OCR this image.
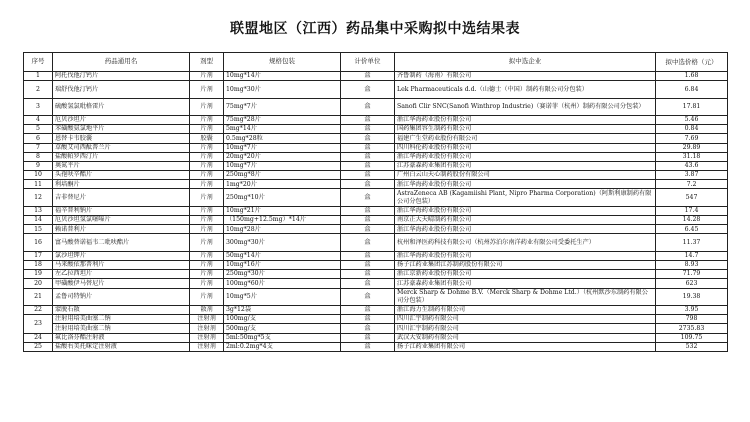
联盟地区（江西）药品集中采购拟中选结果表
序号	药品通用名	剂型	规格包装	计价单位	拟中选企业	拟中选价格（元）
1	阿托伐他汀钙片	片剂	10mg*14片	盒	齐鲁制药（海南）有限公司	1.68
2	瑞舒伐他汀钙片	片剂	10mg*30片	盒	Lek Pharmaceuticals d.d.（山德士（中国）制药有限公司分包装）	6.84
3	硫酸氢氯吡格雷片	片剂	75mg*7片	盒	Sanofi Clir SNC(Sanofi Winthrop Industrie)（赛诺菲（杭州）制药有限公司分包装）	17.81
4	厄贝沙坦片	片剂	75mg*28片	盒	浙江华海药业股份有限公司	5.46
5	苯磺酸氨氯地平片	片剂	5mg*14片	盒	国药集团容生制药有限公司	0.84
6	恩替卡韦胶囊	胶囊	0.5mg*28粒	盒	福建广生堂药业股份有限公司	7.69
7	草酸艾司西酞普兰片	片剂	10mg*7片	盒	四川科伦药业股份有限公司	29.89
8	盐酸帕罗西汀片	片剂	20mg*20片	盒	浙江华海药业股份有限公司	31.18
9	奥氮平片	片剂	10mg*7片	盒	江苏豪森药业集团有限公司	43.6
10	头孢呋辛酯片	片剂	250mg*8片	盒	广州白云山天心制药股份有限公司	3.87
11	利培酮片	片剂	1mg*20片	盒	浙江华海药业股份有限公司	7.2
12	吉非替尼片	片剂	250mg*10片	盒	AstraZeneca AB (Kagamiishi Plant, Nipro Pharma Corporation)（阿斯利康制药有限公司分包装）	547
13	福辛普利钠片	片剂	10mg*21片	盒	浙江华海药业股份有限公司	17.4
14	厄贝沙坦氢氯噻嗪片	片剂	（150mg+12.5mg）*14片	盒	南京正大天晴制药有限公司	14.28
15	赖诺普利片	片剂	10mg*28片	盒	浙江华海药业股份有限公司	6.45
16	富马酸替诺福韦二吡呋酯片	片剂	300mg*30片	盒	杭州和泽医药科技有限公司（杭州苏泊尔南洋药业有限公司受委托生产）	11.37
17	氯沙坦钾片	片剂	50mg*14片	盒	浙江华海药业股份有限公司	14.7
18	马来酸依那普利片	片剂	10mg*16片	盒	扬子江药业集团江苏制药股份有限公司	8.93
19	左乙拉西坦片	片剂	250mg*30片	盒	浙江京新药业股份有限公司	71.79
20	甲磺酸伊马替尼片	片剂	100mg*60片	盒	江苏豪森药业集团有限公司	623
21	孟鲁司特钠片	片剂	10mg*5片	盒	Merck Sharp & Dohme B.V.（Merck Sharp & Dohme Ltd.）（杭州默沙东制药有限公司分包装）	19.38
22	蒙脱石散	散剂	3g*12袋	盒	浙江海力生制药有限公司	3.95
23	注射用培美曲塞二钠	注射剂	100mg/支	盒	四川汇宇制药有限公司	798
	注射用培美曲塞二钠	注射剂	500mg/支	盒	四川汇宇制药有限公司	2735.83
24	氟比洛芬酯注射液	注射剂	5ml:50mg*5支	盒	武汉大安制药有限公司	109.75
25	盐酸右美托咪定注射液	注射剂	2ml:0.2mg*4支	盒	扬子江药业集团有限公司	532
